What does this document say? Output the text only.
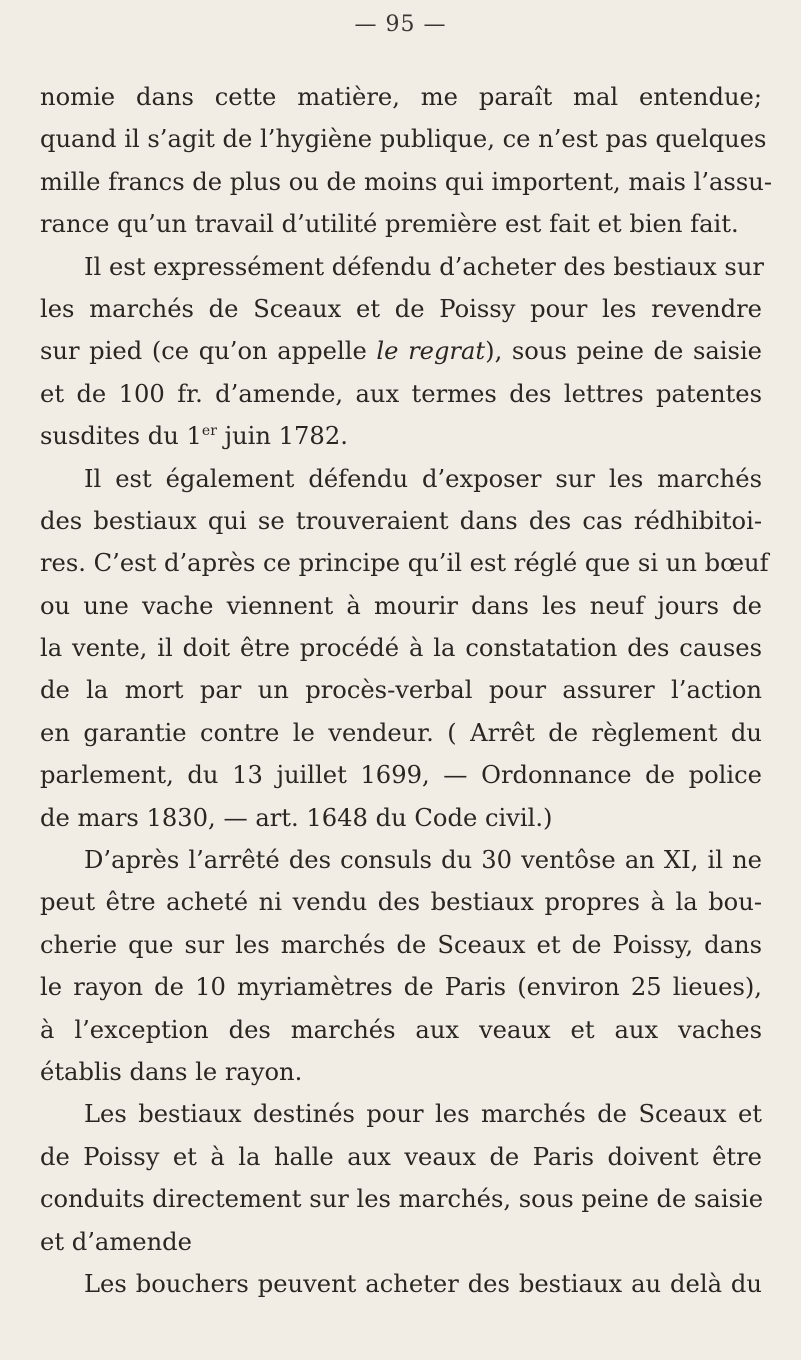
— 95 —
nomie dans cette matière, me paraît mal entendue;
quand il s’agit de l’hygiène publique, ce n’est pas quelques
mille francs de plus ou de moins qui importent, mais l’assu-
rance qu’un travail d’utilité première est fait et bien fait.
Il est expressément défendu d’acheter des bestiaux sur
les marchés de Sceaux et de Poissy pour les revendre
sur pied (ce qu’on appelle le regrat), sous peine de saisie
et de 100 fr. d’amende, aux termes des lettres patentes
susdites du 1er juin 1782.
Il est également défendu d’exposer sur les marchés
des bestiaux qui se trouveraient dans des cas rédhibitoi-
res. C’est d’après ce principe qu’il est réglé que si un bœuf
ou une vache viennent à mourir dans les neuf jours de
la vente, il doit être procédé à la constatation des causes
de la mort par un procès-verbal pour assurer l’action
en garantie contre le vendeur. ( Arrêt de règlement du
parlement, du 13 juillet 1699, — Ordonnance de police
de mars 1830, — art. 1648 du Code civil.)
D’après l’arrêté des consuls du 30 ventôse an XI, il ne
peut être acheté ni vendu des bestiaux propres à la bou-
cherie que sur les marchés de Sceaux et de Poissy, dans
le rayon de 10 myriamètres de Paris (environ 25 lieues),
à l’exception des marchés aux veaux et aux vaches
établis dans le rayon.
Les bestiaux destinés pour les marchés de Sceaux et
de Poissy et à la halle aux veaux de Paris doivent être
conduits directement sur les marchés, sous peine de saisie
et d’amende
Les bouchers peuvent acheter des bestiaux au delà du
